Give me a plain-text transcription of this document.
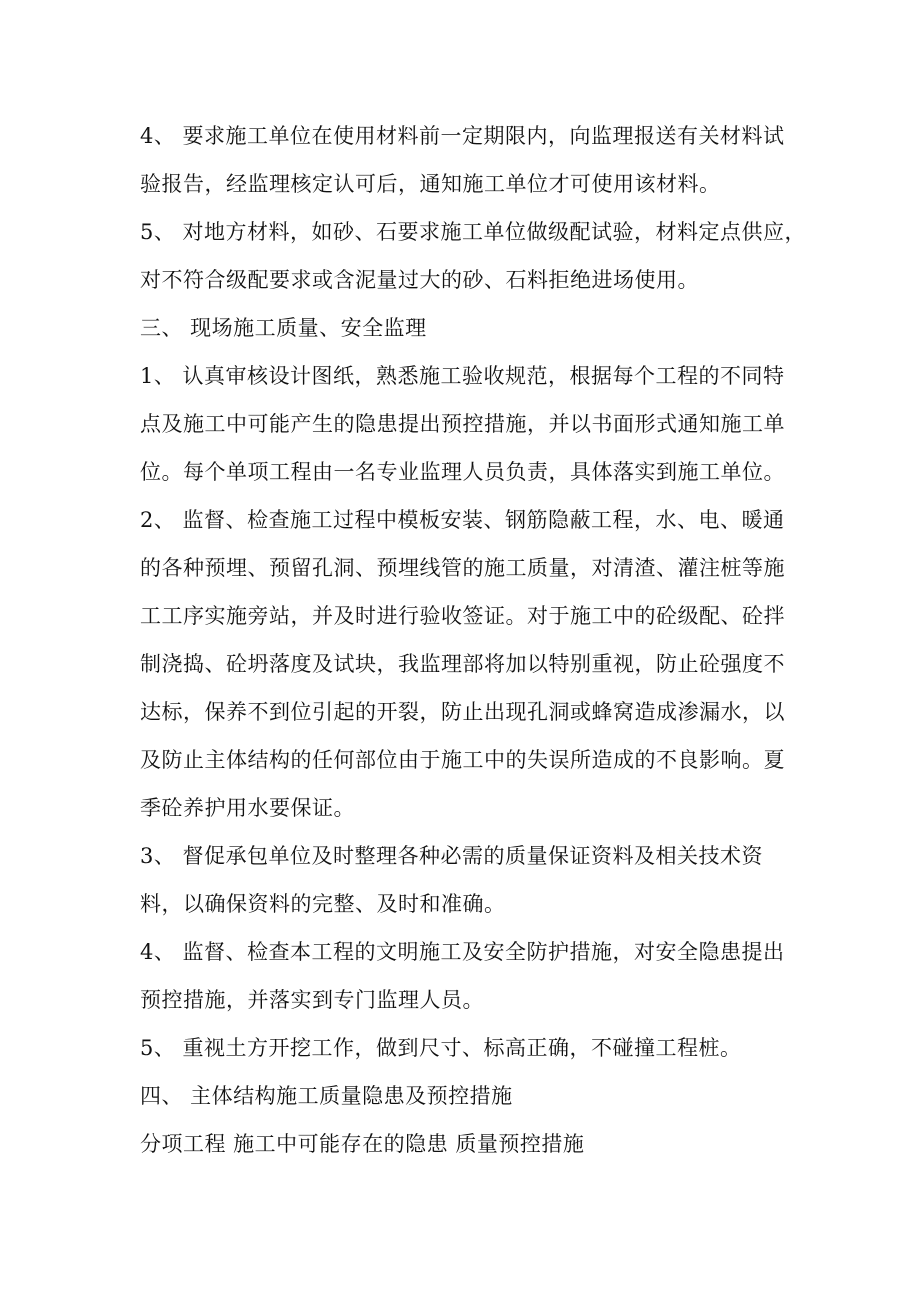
4、 要求施工单位在使用材料前一定期限内，向监理报送有关材料试
验报告，经监理核定认可后，通知施工单位才可使用该材料。
5、 对地方材料，如砂、石要求施工单位做级配试验，材料定点供应，
对不符合级配要求或含泥量过大的砂、石料拒绝进场使用。
三、 现场施工质量、安全监理
1、 认真审核设计图纸，熟悉施工验收规范，根据每个工程的不同特
点及施工中可能产生的隐患提出预控措施，并以书面形式通知施工单
位。每个单项工程由一名专业监理人员负责，具体落实到施工单位。
2、 监督、检查施工过程中模板安装、钢筋隐蔽工程，水、电、暖通
的各种预埋、预留孔洞、预埋线管的施工质量，对清渣、灌注桩等施
工工序实施旁站，并及时进行验收签证。对于施工中的砼级配、砼拌
制浇捣、砼坍落度及试块，我监理部将加以特别重视，防止砼强度不
达标，保养不到位引起的开裂，防止出现孔洞或蜂窝造成渗漏水，以
及防止主体结构的任何部位由于施工中的失误所造成的不良影响。夏
季砼养护用水要保证。
3、 督促承包单位及时整理各种必需的质量保证资料及相关技术资
料，以确保资料的完整、及时和准确。
4、 监督、检查本工程的文明施工及安全防护措施，对安全隐患提出
预控措施，并落实到专门监理人员。
5、 重视土方开挖工作，做到尺寸、标高正确，不碰撞工程桩。
四、 主体结构施工质量隐患及预控措施
分项工程 施工中可能存在的隐患 质量预控措施
